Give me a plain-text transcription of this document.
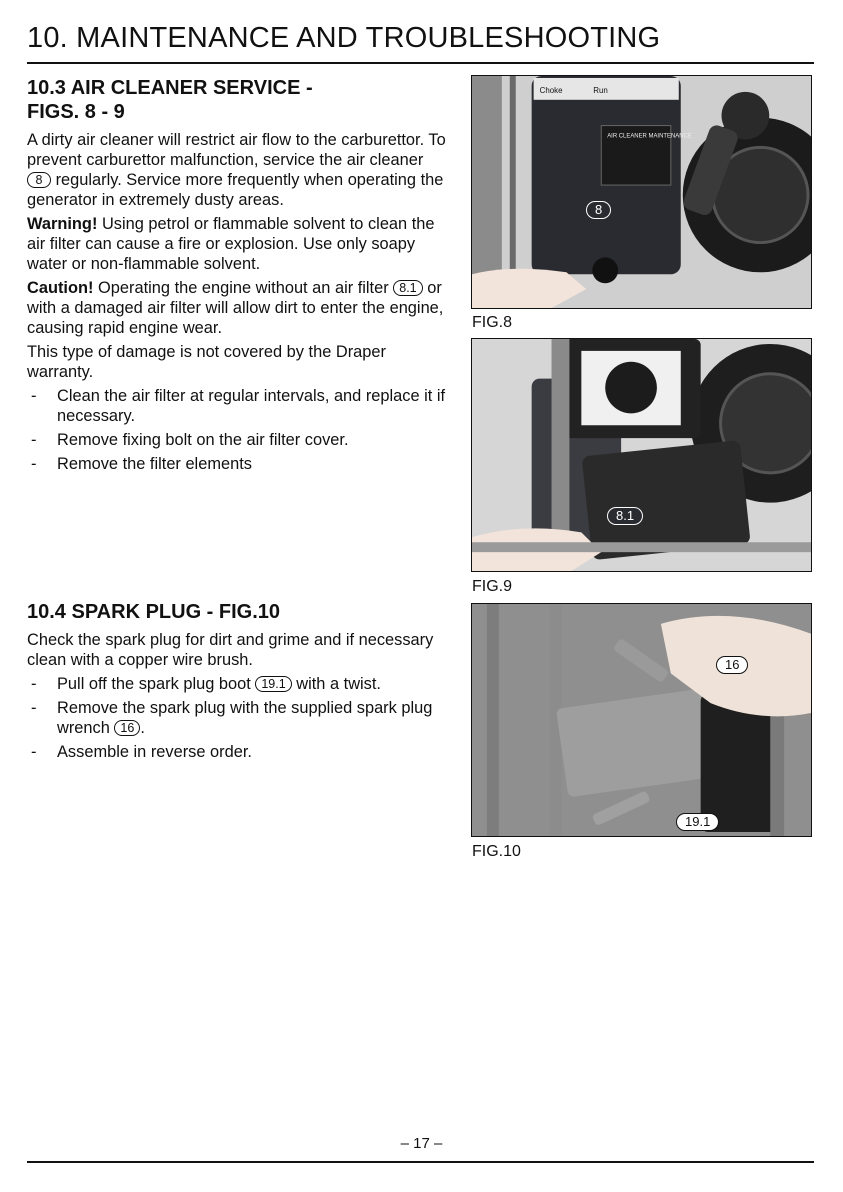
10. MAINTENANCE AND TROUBLESHOOTING
10.3 AIR CLEANER SERVICE -
FIGS. 8 - 9

A dirty air cleaner will restrict air flow to the carburettor. To prevent carburettor malfunction, service the air cleaner 8 regularly. Service more frequently when operating the generator in extremely dusty areas.

Warning! Using petrol or flammable solvent to clean the air filter can cause a fire or explosion. Use only soapy water or non-flammable solvent.

Caution! Operating the engine without an air filter 8.1 or with a damaged air filter will allow dirt to enter the engine, causing rapid engine wear.

This type of damage is not covered by the Draper warranty.

- Clean the air filter at regular intervals, and replace it if necessary.
- Remove fixing bolt on the air filter cover.
- Remove the filter elements
10.4 SPARK PLUG - FIG.10

Check the spark plug for dirt and grime and if necessary clean with a copper wire brush.

- Pull off the spark plug boot 19.1 with a twist.
- Remove the spark plug with the supplied spark plug wrench 16 .
- Assemble in reverse order.
Choke	Run
AIR CLEANER MAINTENANCE
8
FIG.8
8.1
FIG.9
16
19.1
FIG.10
– 17 –
